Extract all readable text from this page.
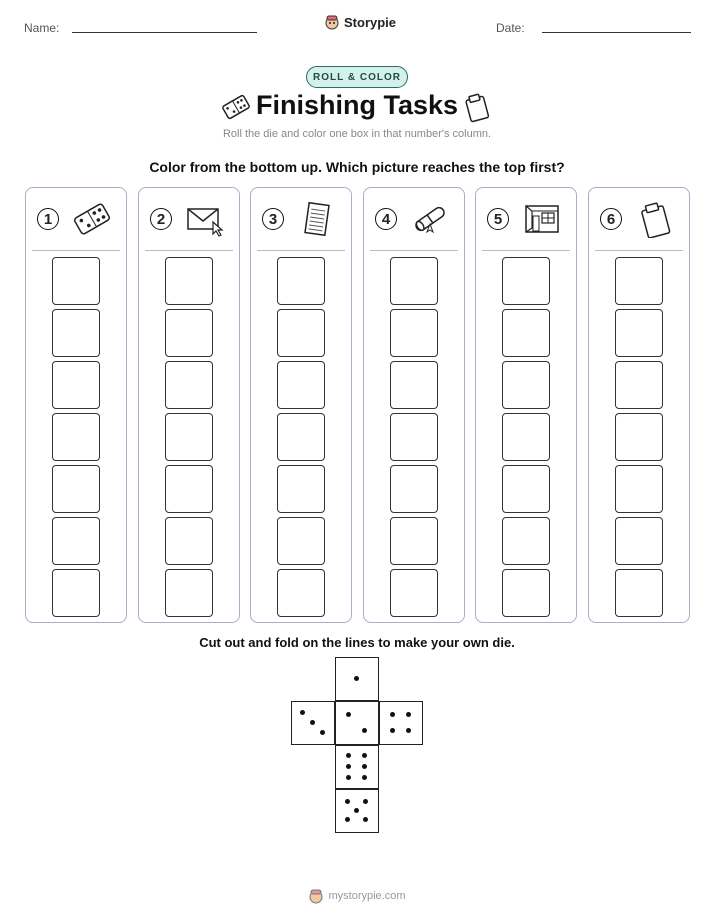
Name:	Storypie	Date:
ROLL & COLOR
Finishing Tasks
Roll the die and color one box in that number's column.
Color from the bottom up. Which picture reaches the top first?
1	2	3	4	5	6
Cut out and fold on the lines to make your own die.
mystorypie.com
